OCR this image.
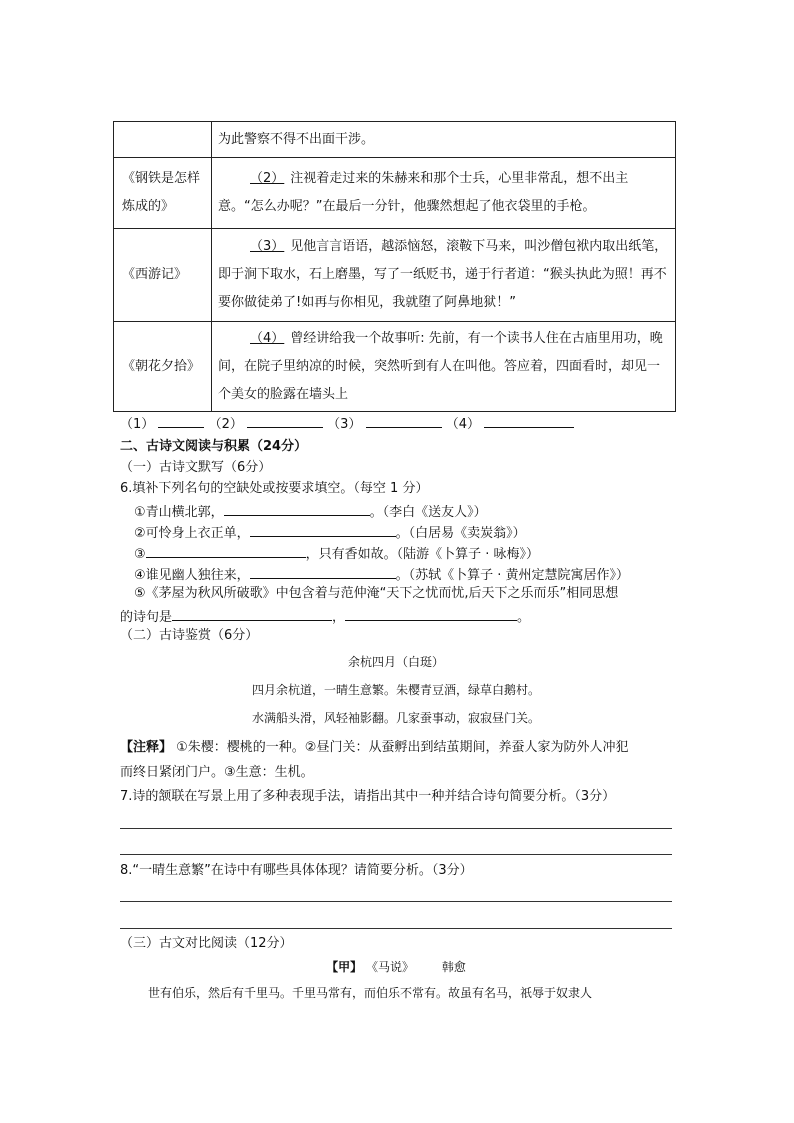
	为此警察不得不出面干涉。
《钢铁是怎样炼成的》	（2） 注视着走过来的朱赫来和那个士兵，心里非常乱，想不出主意。“怎么办呢？”在最后一分针，他骤然想起了他衣袋里的手枪。
《西游记》	（3） 见他言言语语，越添恼怒，滚鞍下马来，叫沙僧包袱内取出纸笔，即于涧下取水，石上磨墨，写了一纸贬书，递于行者道：“猴头执此为照！再不要你做徒弟了!如再与你相见，我就堕了阿鼻地狱！”
《朝花夕拾》	（4） 曾经讲给我一个故事听: 先前，有一个读书人住在古庙里用功，晚间，在院子里纳凉的时候，突然听到有人在叫他。答应着，四面看时，却见一个美女的脸露在墙头上
（1）	（2）	（3）	（4）
二、古诗文阅读与积累（24分）
（一）古诗文默写（6分）
6.填补下列名句的空缺处或按要求填空。（每空 1 分）
①青山横北郭，	。（李白《送友人》）
②可怜身上衣正单，	。（白居易《卖炭翁》）
③	，只有香如故。（陆游《卜算子 · 咏梅》）
④谁见幽人独往来，	。（苏轼《卜算子 · 黄州定慧院寓居作》）
⑤《茅屋为秋风所破歌》中包含着与范仲淹“天下之忧而忧,后天下之乐而乐”相同思想
的诗句是	，	。
（二）古诗鉴赏（6分）
余杭四月（白珽）
四月余杭道，一晴生意繁。朱樱青豆酒，绿草白鹅村。
水满船头滑，风轻袖影翻。几家蚕事动，寂寂昼门关。
【注释】 ①朱樱：樱桃的一种。②昼门关：从蚕孵出到结茧期间，养蚕人家为防外人冲犯
而终日紧闭门户。③生意：生机。
7.诗的颔联在写景上用了多种表现手法，请指出其中一种并结合诗句简要分析。（3分）
8.“一晴生意繁”在诗中有哪些具体体现？请简要分析。（3分）
（三）古文对比阅读（12分）
【甲】 《马说》 韩愈
世有伯乐，然后有千里马。千里马常有，而伯乐不常有。故虽有名马，祇辱于奴隶人
